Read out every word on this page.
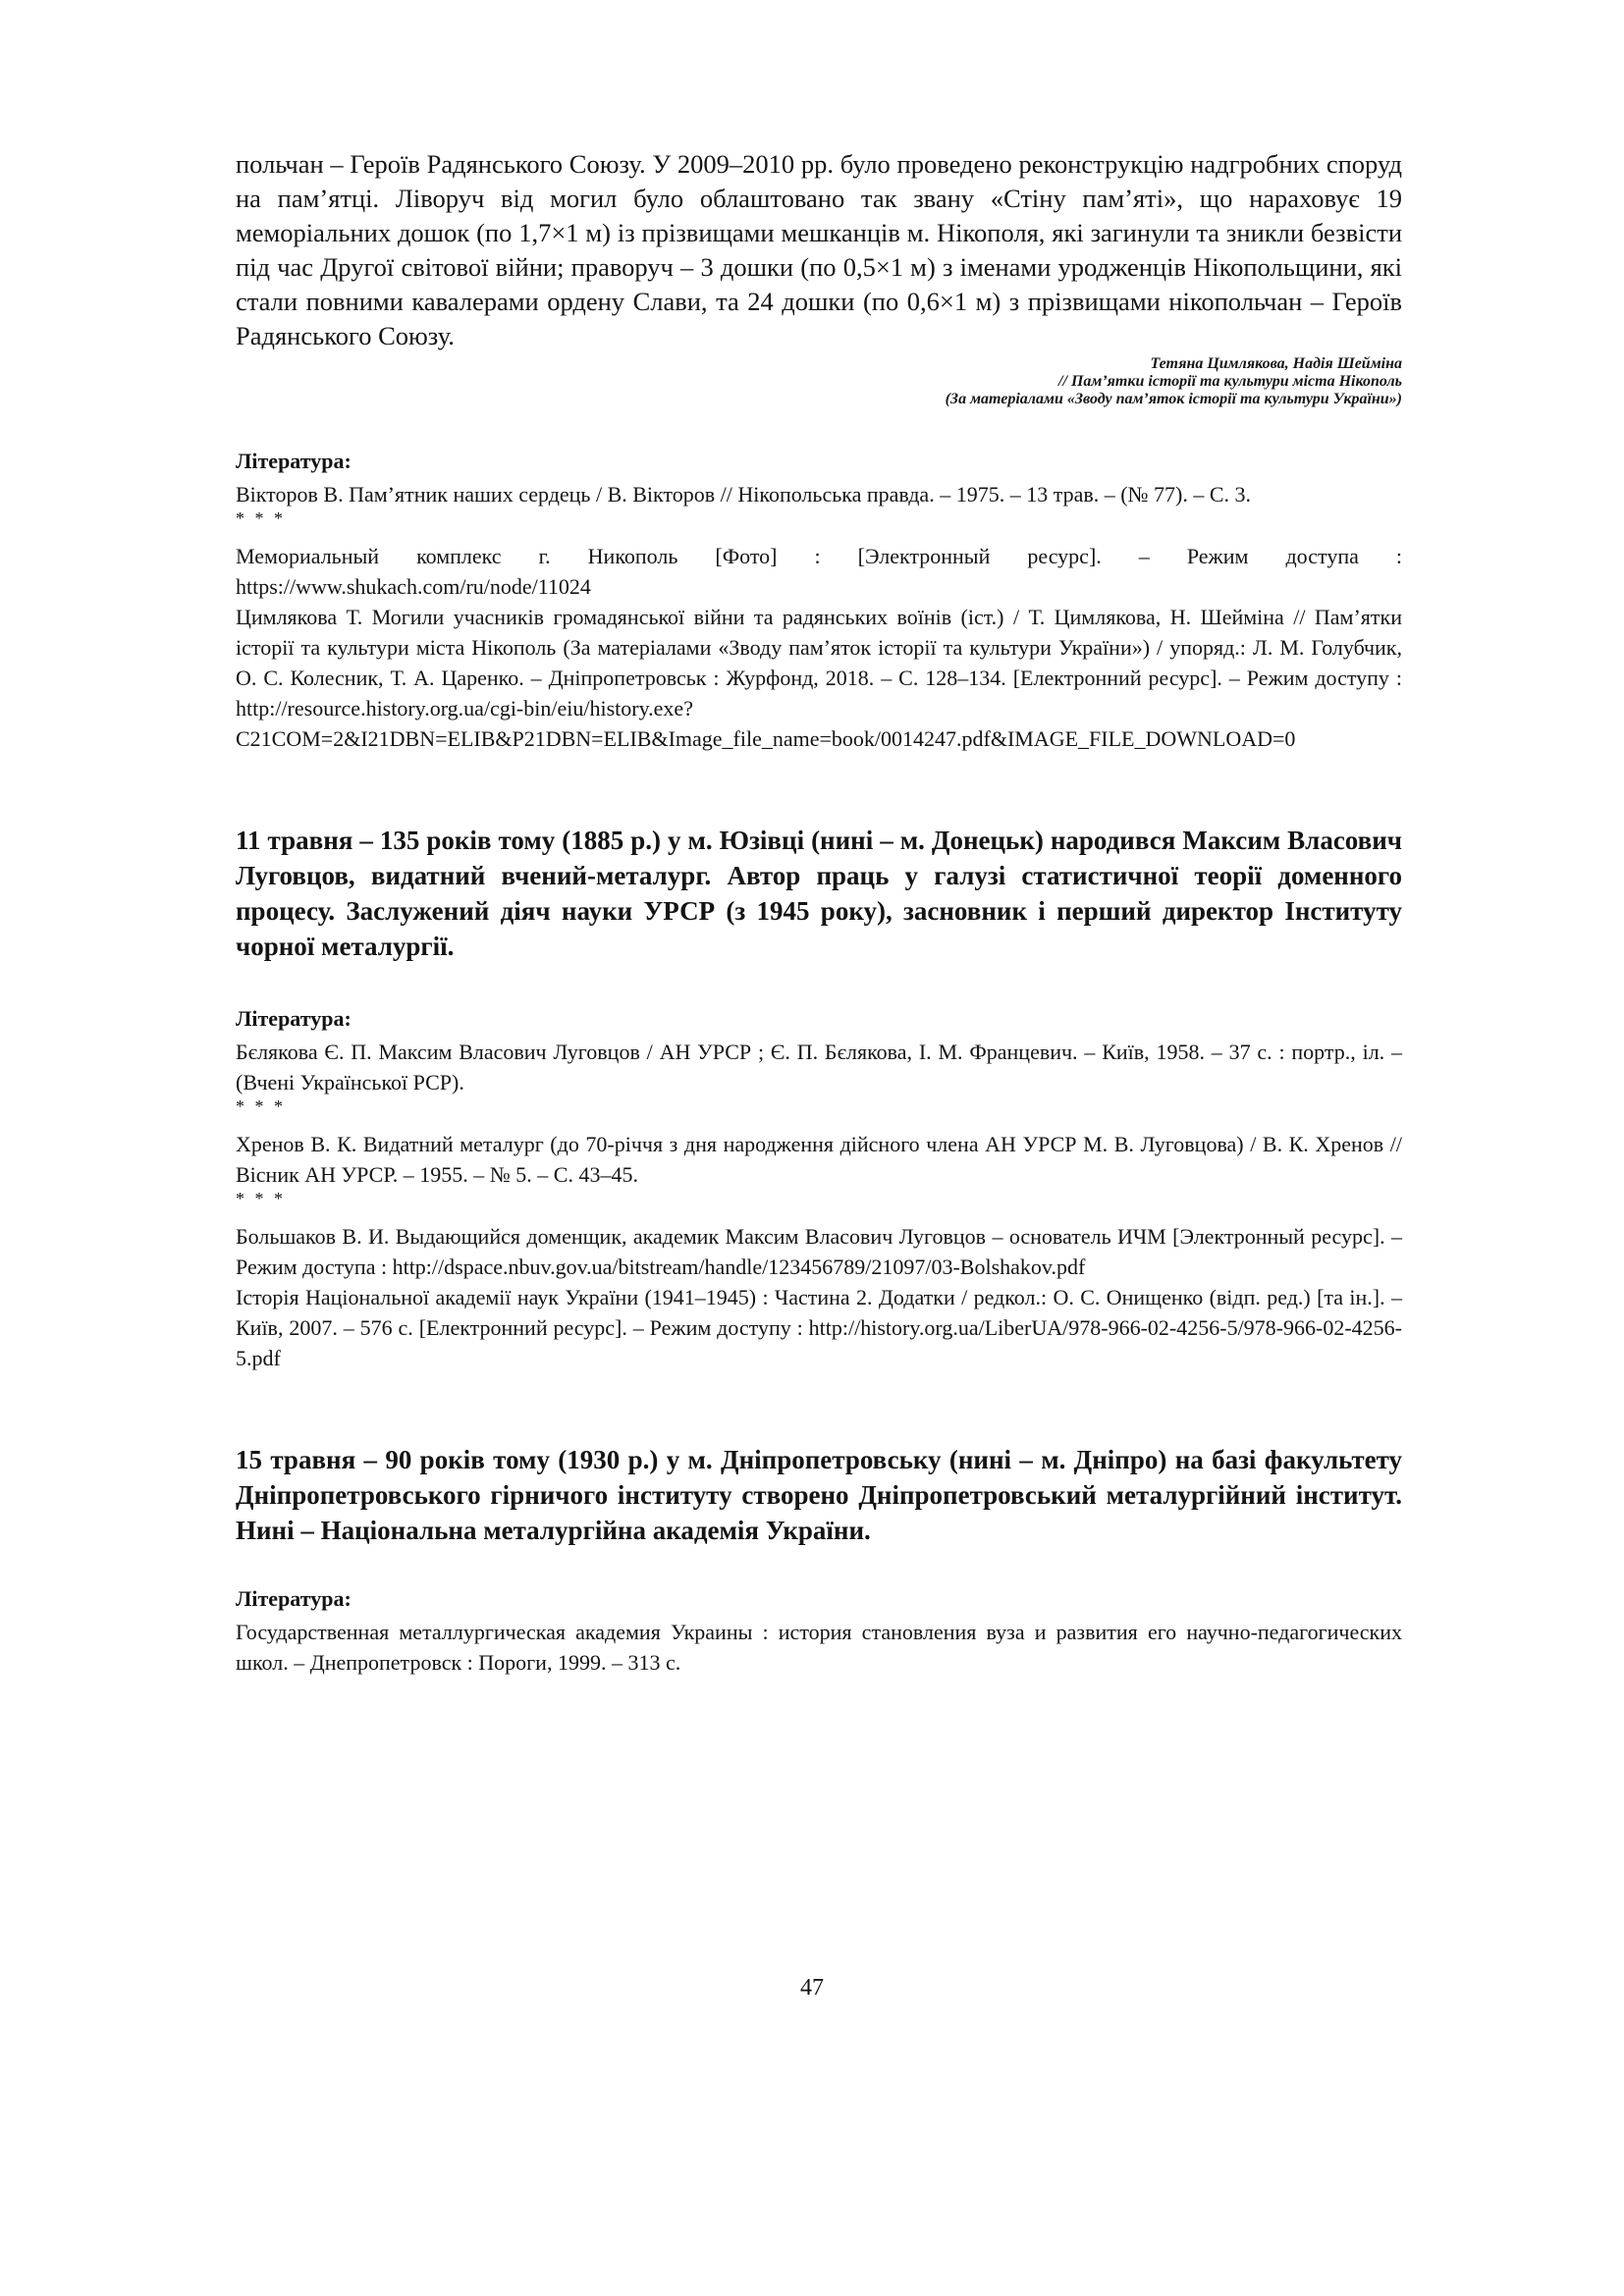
польчан – Героїв Радянського Союзу. У 2009–2010 рр. було проведено реконструкцію надгробних споруд на пам’ятці. Ліворуч від могил було облаштовано так звану «Стіну пам’яті», що нараховує 19 меморіальних дошок (по 1,7×1 м) із прізвищами мешканців м. Нікополя, які загинули та зникли безвісти під час Другої світової війни; праворуч – 3 дошки (по 0,5×1 м) з іменами уродженців Нікопольщини, які стали повними кавалерами ордену Слави, та 24 дошки (по 0,6×1 м) з прізвищами нікопольчан – Героїв Радянського Союзу.

Тетяна Цимлякова, Надія Шейміна

// Пам’ятки історії та культури міста Нікополь

(За матеріалами «Зводу пам’яток історії та культури України»)

Література:

Вікторов В. Пам’ятник наших сердець / В. Вікторов // Нікопольська правда. – 1975. – 13 трав. – (№ 77). – С. 3.

* * *

Мемориальный комплекс г. Никополь [Фото] : [Электронный ресурс]. – Режим доступа : https://www.shukach.com/ru/node/11024

Цимлякова Т. Могили учасників громадянської війни та радянських воїнів (іст.) / Т. Цимлякова, Н. Шейміна // Пам’ятки історії та культури міста Нікополь (За матеріалами «Зводу пам’яток історії та культури України») / упоряд.: Л. М. Голубчик, О. С. Колесник, Т. А. Царенко. – Дніпропетровськ : Журфонд, 2018. – С. 128–134. [Електронний ресурс]. – Режим доступу : http://resource.history.org.ua/cgi-bin/eiu/history.exe?C21COM=2&I21DBN=ELIB&P21DBN=ELIB&Image_file_name=book/0014247.pdf&IMAGE_FILE_DOWNLOAD=0

11 травня – 135 років тому (1885 р.) у м. Юзівці (нині – м. Донецьк) народився Максим Власович Луговцов, видатний вчений-металург. Автор праць у галузі статистичної теорії доменного процесу. Заслужений діяч науки УРСР (з 1945 року), засновник і перший директор Інституту чорної металургії.

Література:

Бєлякова Є. П. Максим Власович Луговцов / АН УРСР ; Є. П. Бєлякова, І. М. Францевич. – Київ, 1958. – 37 с. : портр., іл. – (Вчені Української РСР).

* * *

Хренов В. К. Видатний металург (до 70-річчя з дня народження дійсного члена АН УРСР М. В. Луговцова) / В. К. Хренов // Вісник АН УРСР. – 1955. – № 5. – С. 43–45.

* * *

Большаков В. И. Выдающийся доменщик, академик Максим Власович Луговцов – основатель ИЧМ [Электронный ресурс]. – Режим доступа : http://dspace.nbuv.gov.ua/bitstream/handle/123456789/21097/03-Bolshakov.pdf

Історія Національної академії наук України (1941–1945) : Частина 2. Додатки / редкол.: О. С. Онищенко (відп. ред.) [та ін.]. – Київ, 2007. – 576 с. [Електронний ресурс]. – Режим доступу : http://history.org.ua/LiberUA/978-966-02-4256-5/978-966-02-4256-5.pdf

15 травня – 90 років тому (1930 р.) у м. Дніпропетровську (нині – м. Дніпро) на базі факультету Дніпропетровського гірничого інституту створено Дніпропетровський металургійний інститут. Нині – Національна металургійна академія України.

Література:

Государственная металлургическая академия Украины : история становления вуза и развития его научно-педагогических школ. – Днепропетровск : Пороги, 1999. – 313 с.

47
